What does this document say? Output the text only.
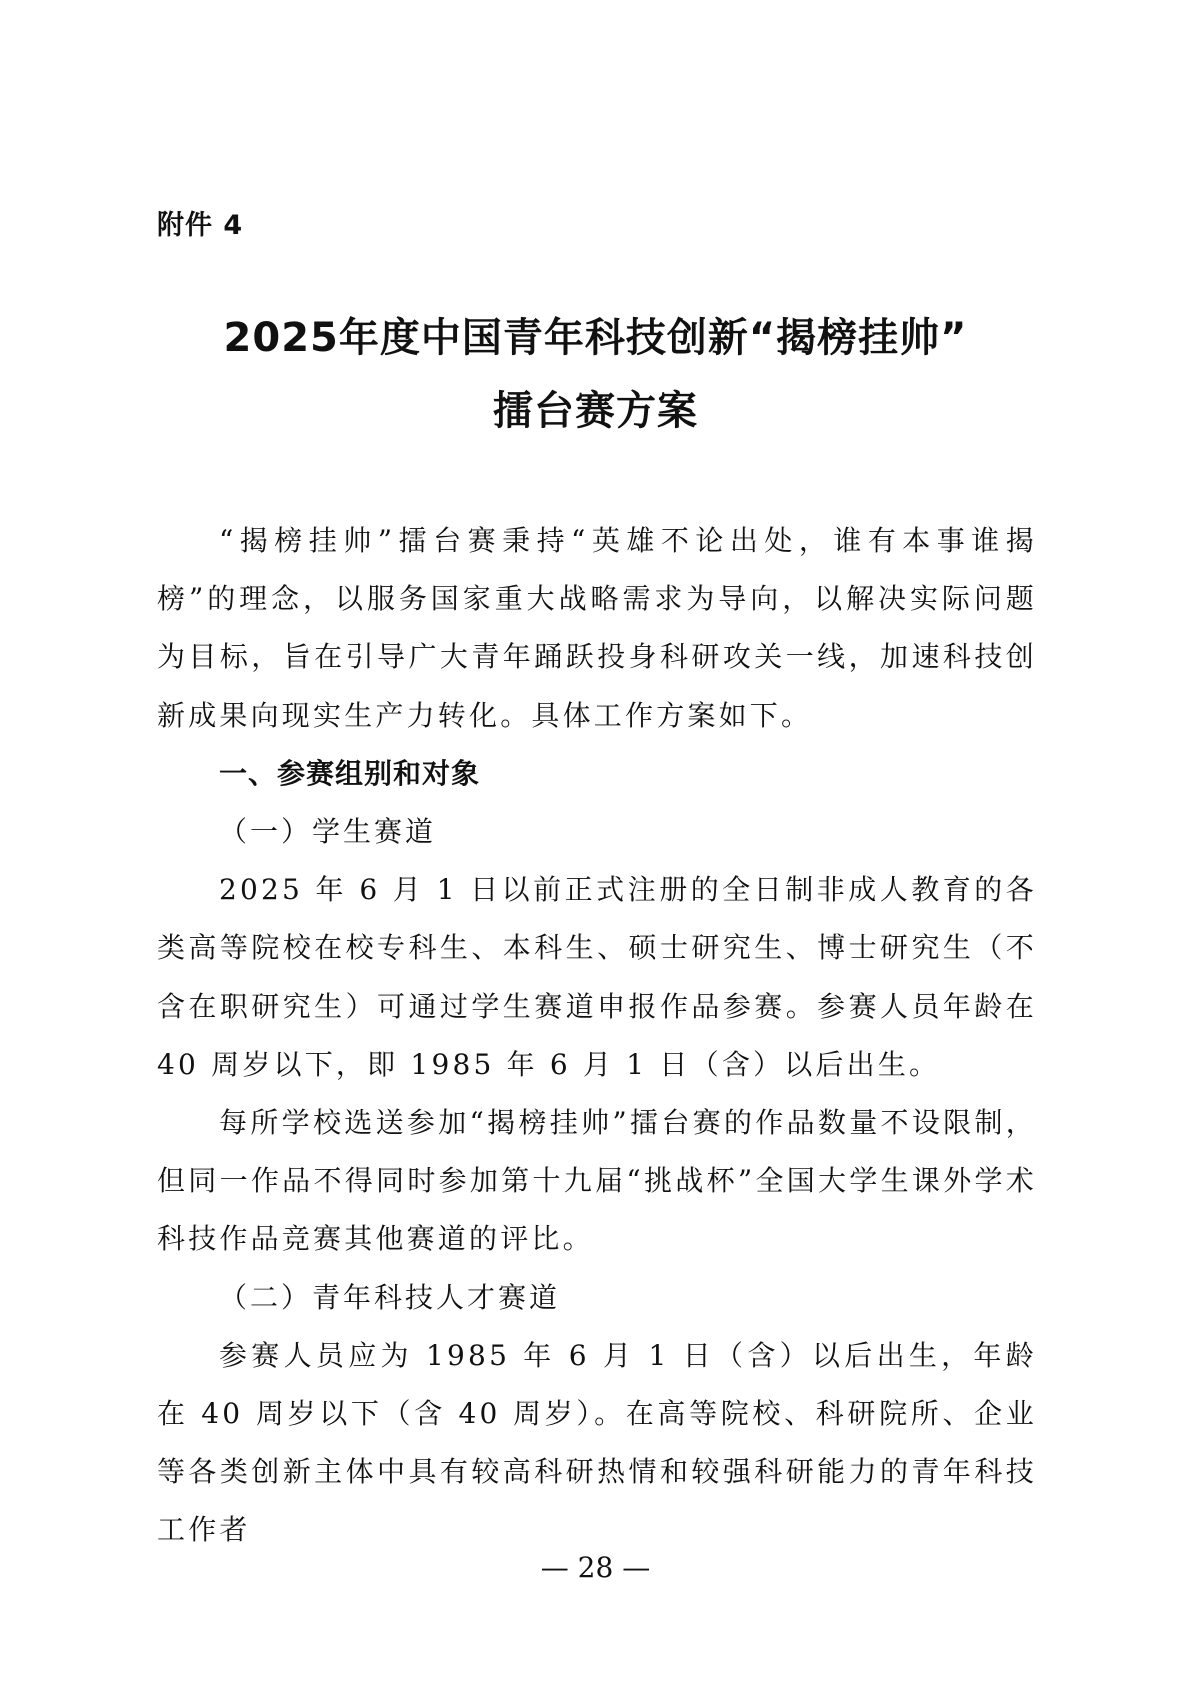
附件 4
2025年度中国青年科技创新“揭榜挂帅”
擂台赛方案

“揭榜挂帅”擂台赛秉持“英雄不论出处，谁有本事谁揭榜”的理念，以服务国家重大战略需求为导向，以解决实际问题为目标，旨在引导广大青年踊跃投身科研攻关一线，加速科技创新成果向现实生产力转化。具体工作方案如下。

一、参赛组别和对象

（一）学生赛道

2025 年 6 月 1 日以前正式注册的全日制非成人教育的各类高等院校在校专科生、本科生、硕士研究生、博士研究生（不含在职研究生）可通过学生赛道申报作品参赛。参赛人员年龄在 40 周岁以下，即 1985 年 6 月 1 日（含）以后出生。

每所学校选送参加“揭榜挂帅”擂台赛的作品数量不设限制，但同一作品不得同时参加第十九届“挑战杯”全国大学生课外学术科技作品竞赛其他赛道的评比。

（二）青年科技人才赛道

参赛人员应为 1985 年 6 月 1 日（含）以后出生，年龄在 40 周岁以下（含 40 周岁）。在高等院校、科研院所、企业等各类创新主体中具有较高科研热情和较强科研能力的青年科技工作者

— 28 —
